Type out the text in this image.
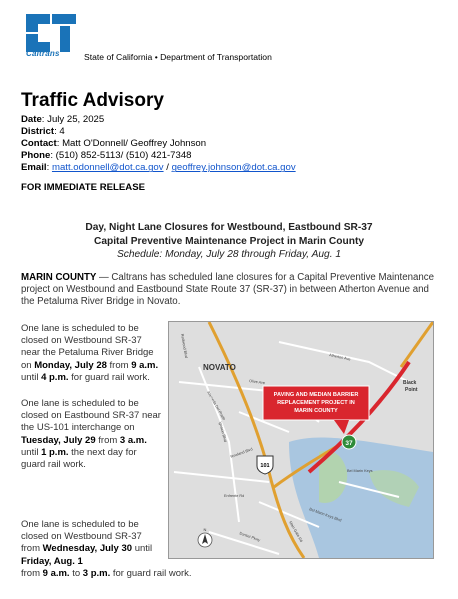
Caltrans	State of California • Department of Transportation
Traffic Advisory
Date: July 25, 2025
District: 4
Contact: Matt O'Donnell/ Geoffrey Johnson
Phone: (510) 852-5113/ (510) 421-7348
Email: matt.odonnell@dot.ca.gov / geoffrey.johnson@dot.ca.gov
FOR IMMEDIATE RELEASE
Day, Night Lane Closures for Westbound, Eastbound SR-37
Capital Preventive Maintenance Project in Marin County
Schedule: Monday, July 28 through Friday, Aug. 1
MARIN COUNTY — Caltrans has scheduled lane closures for a Capital Preventive Maintenance project on Westbound and Eastbound State Route 37 (SR-37) in between Atherton Avenue and the Petaluma River Bridge in Novato.

One lane is scheduled to be closed on Westbound SR-37 near the Petaluma River Bridge on Monday, July 28 from 9 a.m. until 4 p.m. for guard rail work.

One lane is scheduled to be closed on Eastbound SR-37 near the US-101 interchange on Tuesday, July 29 from 3 a.m. until 1 p.m. the next day for guard rail work.

One lane is scheduled to be closed on Westbound SR-37 from Wednesday, July 30 until Friday, Aug. 1
from 9 a.m. to 3 p.m. for guard rail work.
PAVING AND MEDIAN BARRIER
REPLACEMENT PROJECT IN
MARIN COUNTY
NOVATO
Black
Point
Atherton Ave
Olive Ave
Alameda Del Prado
Ignacio Blvd
Bel Marin Keys
Bel Marin Keys Blvd
Rowland Blvd
Main Gate Rd
Redwood Blvd
Enfrente Rd
Sunset Pkwy
37
101
N
